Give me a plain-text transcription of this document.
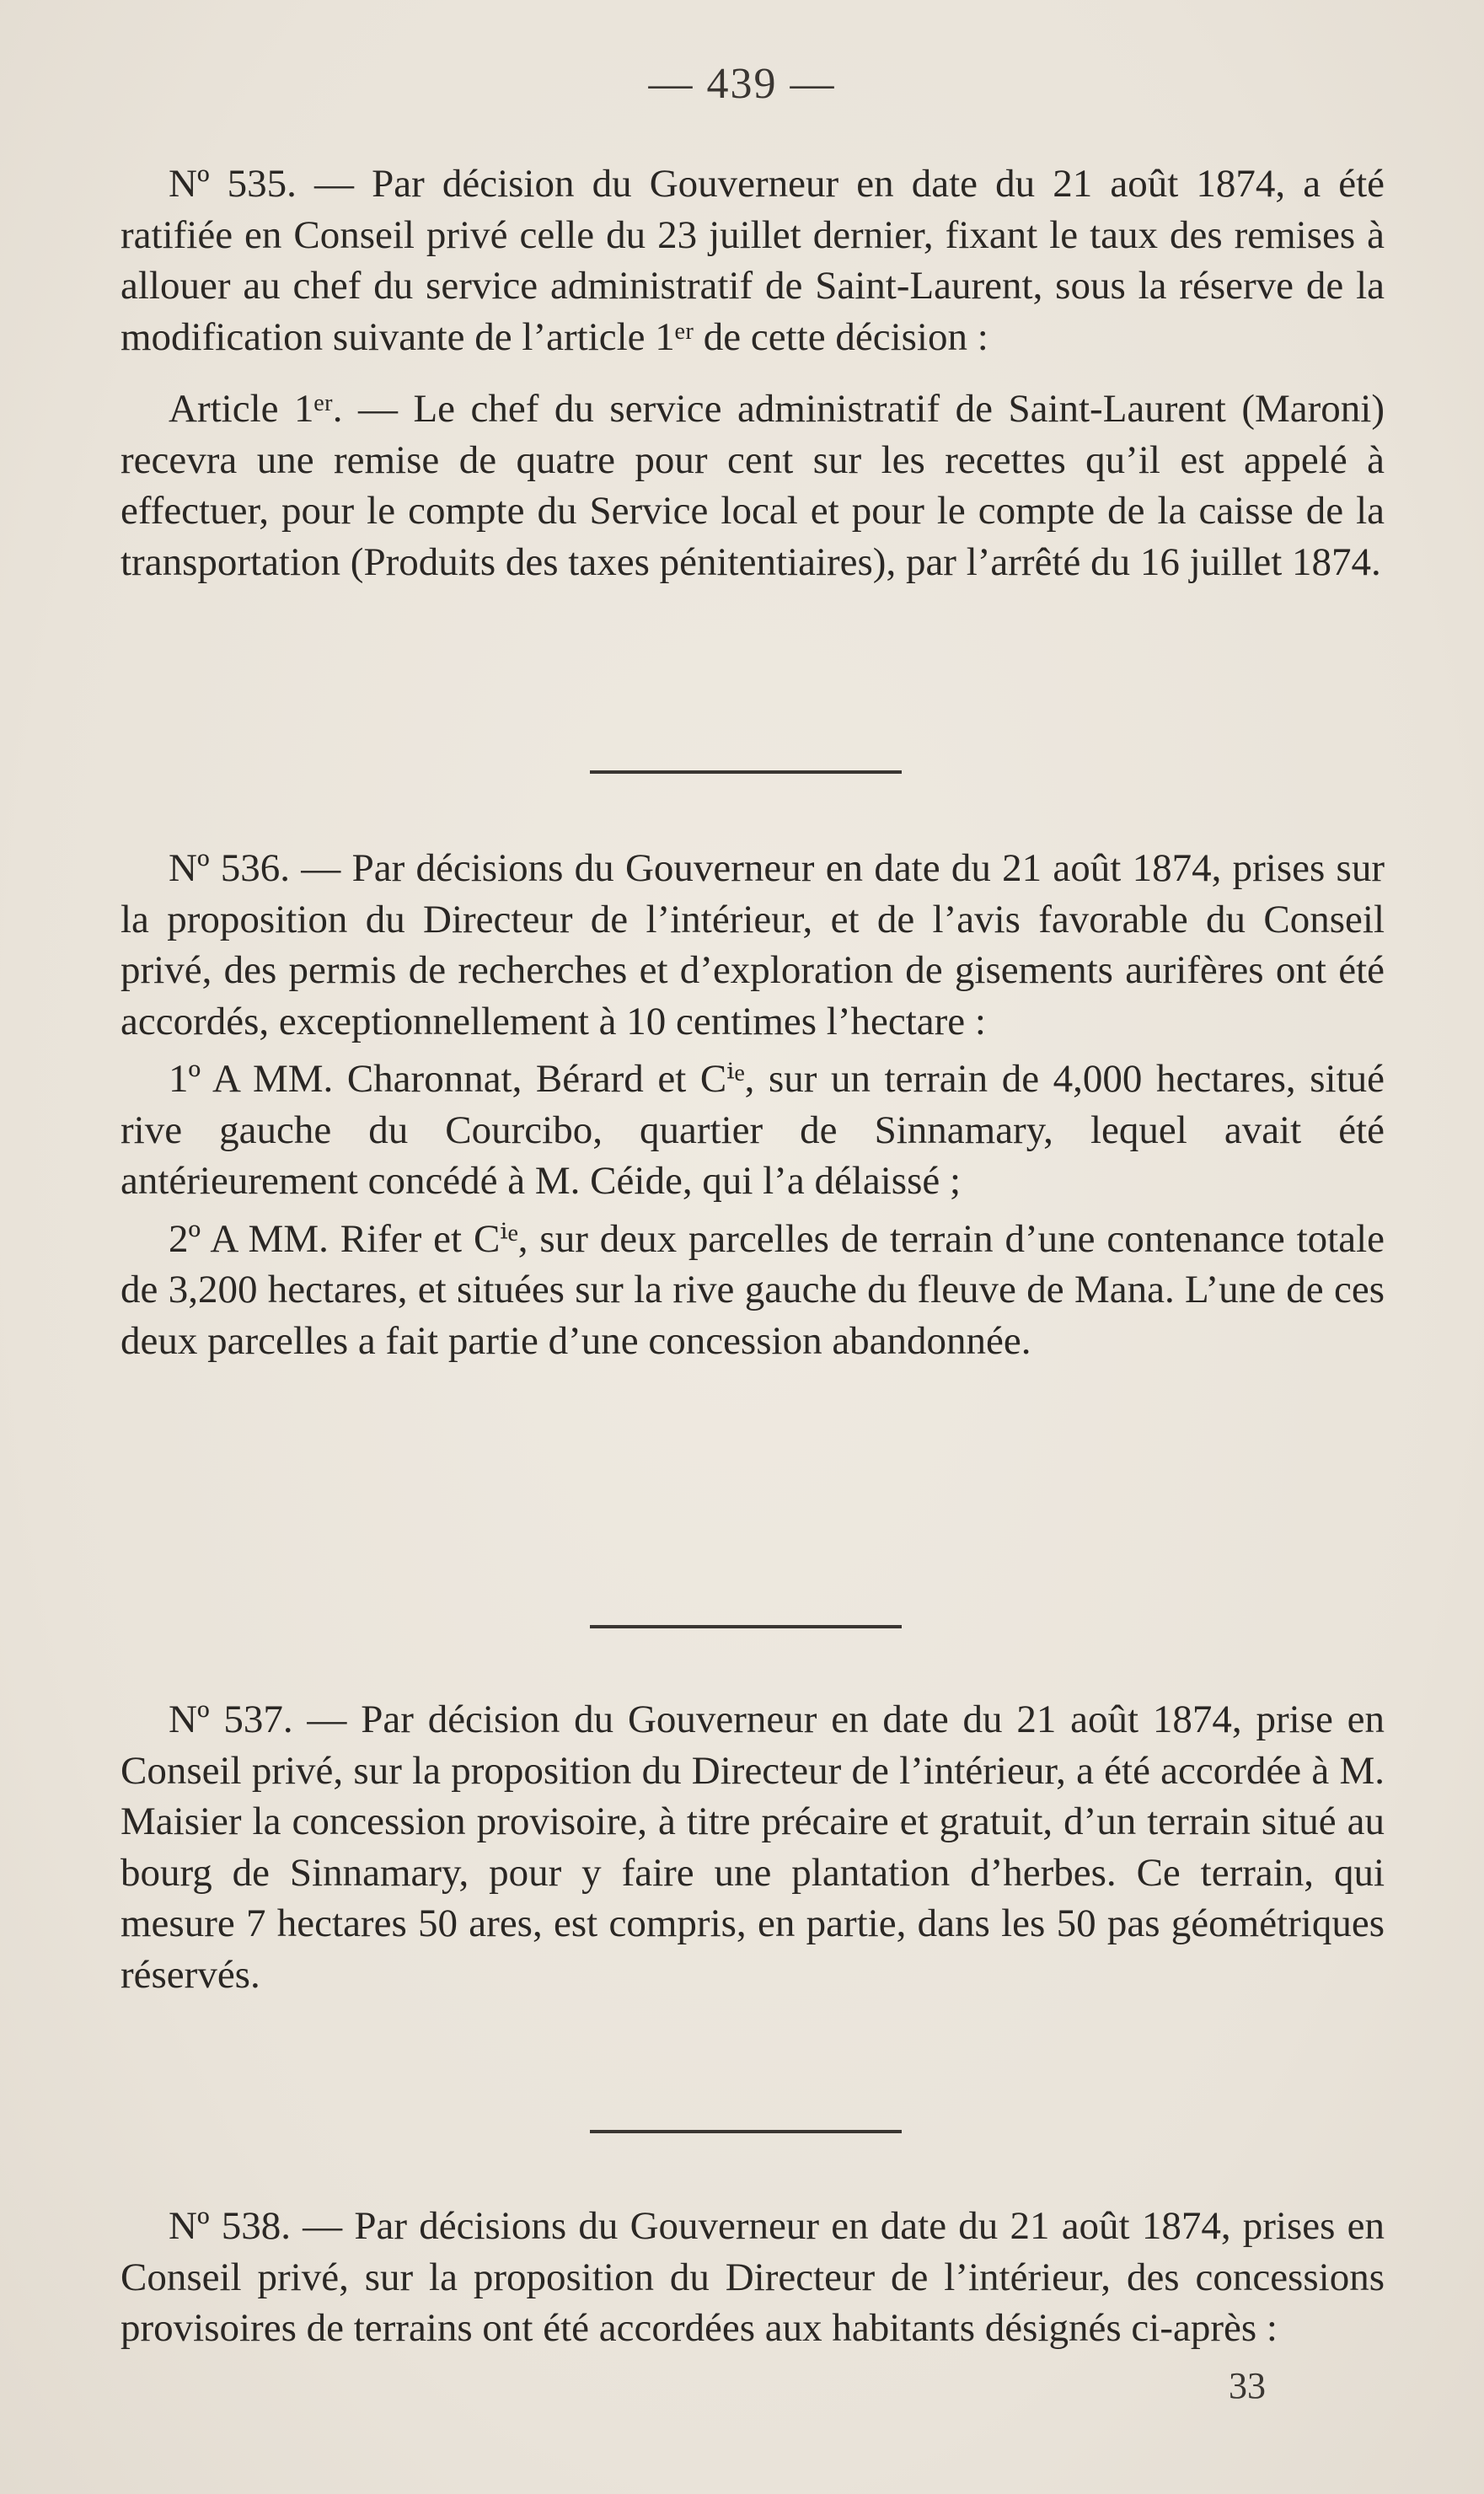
— 439 —

Nº 535. — Par décision du Gouverneur en date du 21 août 1874, a été ratifiée en Conseil privé celle du 23 juillet dernier, fixant le taux des remises à allouer au chef du service administratif de Saint-Laurent, sous la réserve de la modification suivante de l’article 1ᵉʳ de cette décision :

Article 1ᵉʳ. — Le chef du service administratif de Saint-Laurent (Maroni) recevra une remise de quatre pour cent sur les recettes qu’il est appelé à effectuer, pour le compte du Service local et pour le compte de la caisse de la transportation (Produits des taxes pénitentiaires), par l’arrêté du 16 juillet 1874.

Nº 536. — Par décisions du Gouverneur en date du 21 août 1874, prises sur la proposition du Directeur de l’intérieur, et de l’avis favorable du Conseil privé, des permis de recherches et d’exploration de gisements aurifères ont été accordés, exceptionnellement à 10 centimes l’hectare :

1º A MM. Charonnat, Bérard et Cⁱᵉ, sur un terrain de 4,000 hectares, situé rive gauche du Courcibo, quartier de Sinnamary, lequel avait été antérieurement concédé à M. Céide, qui l’a délaissé ;

2º A MM. Rifer et Cⁱᵉ, sur deux parcelles de terrain d’une contenance totale de 3,200 hectares, et situées sur la rive gauche du fleuve de Mana. L’une de ces deux parcelles a fait partie d’une concession abandonnée.

Nº 537. — Par décision du Gouverneur en date du 21 août 1874, prise en Conseil privé, sur la proposition du Directeur de l’intérieur, a été accordée à M. Maisier la concession provisoire, à titre précaire et gratuit, d’un terrain situé au bourg de Sinnamary, pour y faire une plantation d’herbes. Ce terrain, qui mesure 7 hectares 50 ares, est compris, en partie, dans les 50 pas géométriques réservés.

Nº 538. — Par décisions du Gouverneur en date du 21 août 1874, prises en Conseil privé, sur la proposition du Directeur de l’intérieur, des concessions provisoires de terrains ont été accordées aux habitants désignés ci-après :

33
